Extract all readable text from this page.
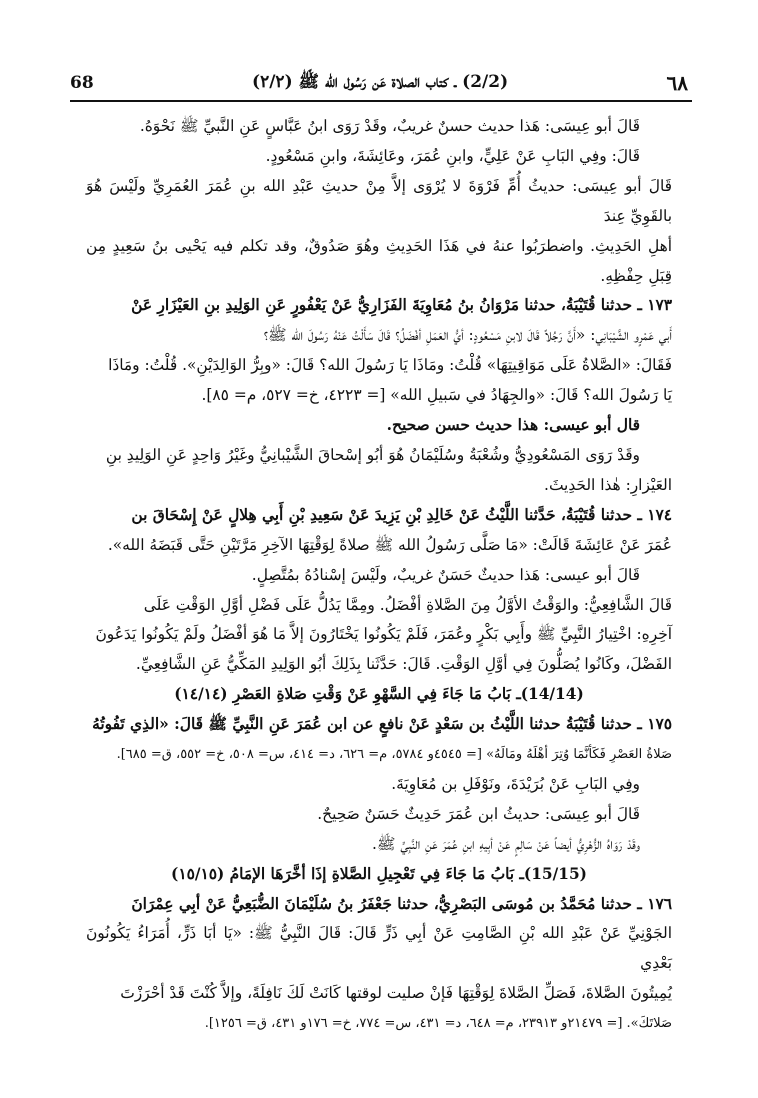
68	(2/2) ـ كتاب الصلاة عَن رَسُول الله ﷺ (٢/٢)	٦٨

قَالَ أبو عِيسَى: هَذا حديث حسنٌ غريبٌ، وقَدْ رَوَى ابنُ عَبَّاسٍ عَنِ النَّبيِّ ﷺ نَحْوَهُ.

قَالَ: وفِي البَابِ عَنْ عَلِيٍّ، وابنِ عُمَرَ، وعَائِشَةَ، وابنِ مَسْعُودٍ.

قَالَ أبو عِيسَى: حديثُ أُمِّ فَرْوَةَ لا يُرْوَى إلاَّ مِنْ حديثِ عَبْدِ الله بنِ عُمَرَ العُمَرِيِّ ولَيْسَ هُوَ بالقَوِيِّ عِندَ

أهلِ الحَدِيثِ. واضطرَبُوا عنهُ في هَذَا الحَدِيثِ وهُوَ صَدُوقٌ، وقد تكلم فيه يَحْيى بنُ سَعِيدٍ مِن قِبَلِ حِفْظِهِ.

١٧٣ ـ حدثنا قُتَيْبَةُ، حدثنا مَرْوَانُ بنُ مُعَاوِيَةَ الفَزَارِيُّ عَنْ يَعْفُورٍ عَنِ الوَلِيدِ بنِ العَيْزَارِ عَنْ

أَبي عَمْرٍو الشَّيْبَانِي: «أَنَّ رَجُلاً قَالَ لابنِ مَسْعُودٍ: أيُّ العَمَلِ أفْضَلُ؟ قَالَ سَأَلْتُ عَنْهُ رَسُولَ الله ﷺ؟

فَقَالَ: «الصَّلاةُ عَلَى مَوَاقِيتِهَا» قُلْتُ: ومَاذَا يَا رَسُولَ الله؟ قَالَ: «وبِرُّ الوَالِدَيْنِ». قُلْتُ: ومَاذَا

يَا رَسُولَ الله؟ قَالَ: «والجِهَادُ في سَبيلِ الله» [= ٤٢٢٣، خ= ٥٢٧، م= ٨٥].

قال أبو عيسى: هذا حديث حسن صحيح.

وقَدْ رَوَى المَسْعُودِيُّ وشُعْبَةُ وسُلَيْمَانُ هُوَ أبُو إسْحاقَ الشَّيْبانِيُّ وغَيْرُ وَاحِدٍ عَنِ الوَلِيدِ بنِ

العَيْزارِ: هٰذا الحَدِيثَ.

١٧٤ ـ حدثنا قُتَيْبَةُ، حَدَّثنا اللَّيْثُ عَنْ خَالِدِ بْنِ يَزِيدَ عَنْ سَعِيدِ بْنِ أَبِي هِلالٍ عَنْ إِسْحَاقَ بن

عُمَرَ عَنْ عَائِشَةَ قَالَتْ: «مَا صَلَّى رَسُولُ الله ﷺ صلاةً لِوَقْتِهَا الآخِرِ مَرَّتَيْنِ حَتَّى قَبَضَهُ الله».

قَالَ أبو عيسى: هَذا حديثٌ حَسَنٌ غريبٌ، ولَيْسَ إسْنادُهُ بمُتَّصِلٍ.

قَالَ الشَّافِعِيُّ: والوَقْتُ الأوَّلُ مِنَ الصَّلاةِ أفْضَلُ. ومِمَّا يَدُلُّ عَلَى فَضْلِ أوَّلِ الوَقْتِ عَلَى

آخِرِهِ: اخْتِيارُ النَّبِيِّ ﷺ وأَبِي بَكْرٍ وعُمَرَ، فَلَمْ يَكُونُوا يَخْتَارُونَ إلاَّ مَا هُوَ أفْضَلُ ولَمْ يَكُونُوا يَدَعُونَ

الفَضْلَ، وكَانُوا يُصَلُّونَ فِي أوَّلِ الوَقْتِ. قَالَ: حَدَّثَنا بِذَلِكَ أبُو الوَلِيدِ المَكِّيُّ عَنِ الشَّافِعِيِّ.

(14/14)ـ بَابُ مَا جَاءَ فِي السَّهْوِ عَنْ وَقْتِ صَلاةِ العَصْرِ (١٤/١٤)

١٧٥ ـ حدثنا قُتَيْبَةُ حدثنا اللَّيْثُ بن سَعْدٍ عَنْ نافعٍ عن ابن عُمَرَ عَنِ النَّبِيِّ ﷺ قَالَ: «الذِي تَفُوتُهُ

صَلاةُ العَصْرِ فَكَأنَّمَا وُتِرَ أهْلَهُ ومَالَهُ» [= ٤٥٤٥و ٥٧٨٤، م= ٦٢٦، د= ٤١٤، س= ٥٠٨، خ= ٥٥٢، ق= ٦٨٥].

وفِي البَابِ عَنْ بُرَيْدَةَ، ونَوْفَلِ بن مُعَاوِيَةَ.

قَالَ أبو عِيسَى: حديثُ ابن عُمَرَ حَدِيثٌ حَسَنٌ صَحِيحٌ.

وقَدْ رَوَاهُ الزُّهْرِيُّ أيضاً عَنْ سَالِمٍ عَنْ أبِيهِ ابنِ عُمَرَ عَنِ النَّبِيِّ ﷺ.

(15/15)ـ بَابُ مَا جَاءَ فِي تَعْجِيلِ الصَّلاةِ إذَا أخَّرَهَا الإمَامُ (١٥/١٥)

١٧٦ ـ حدثنا مُحَمَّدُ بن مُوسَى البَصْرِيُّ، حدثنا جَعْفَرُ بنُ سُلَيْمَانَ الضُّبَعِيُّ عَنْ أبِي عِمْرَانَ

الجَوْنِيِّ عَنْ عَبْدِ الله بْنِ الصَّامِتِ عَنْ أبِي ذَرٍّ قَالَ: قَالَ النَّبِيُّ ﷺ: «يَا أبَا ذَرٍّ، أُمَرَاءُ يَكُونُونَ بَعْدِي

يُمِيتُونَ الصَّلاةَ، فَصَلِّ الصَّلاةَ لِوَقْتِهَا فَإنْ صليت لوقتها كَانَتْ لَكَ نَافِلَةً، وإلاَّ كُنْتَ قَدْ أحْرَزْتَ

صَلاتَكَ». [= ٢١٤٧٩و ٢٣٩١٣، م= ٦٤٨، د= ٤٣١، س= ٧٧٤، خ= ١٧٦و ٤٣١، ق= ١٢٥٦].
